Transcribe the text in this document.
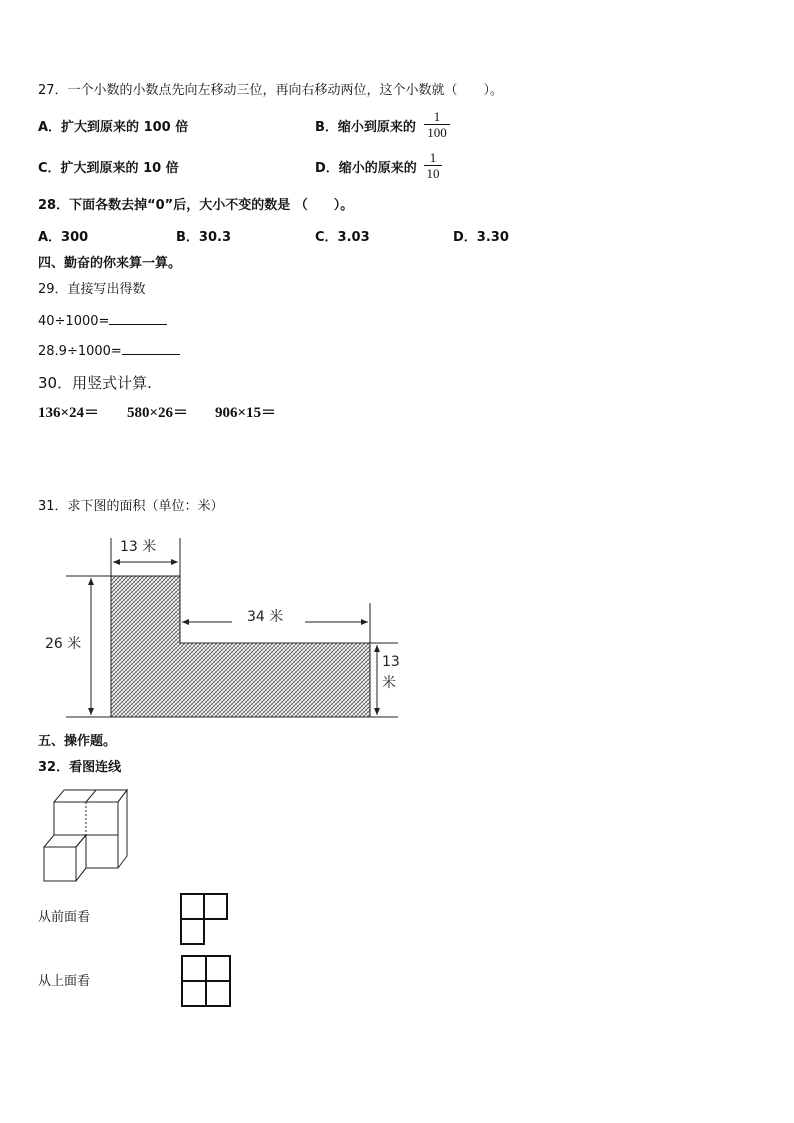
27．一个小数的小数点先向左移动三位，再向右移动两位，这个小数就（　　）。
A．扩大到原来的 100 倍	B．缩小到原来的
1
100
C．扩大到原来的 10 倍	D．缩小的原来的
1
10
28．下面各数去掉“0”后，大小不变的数是 （　　）。
A．300	B．30.3	C．3.03	D．3.30
四、勤奋的你来算一算。
29．直接写出得数
40÷1000=
28.9÷1000=
30．用竖式计算.
136×24＝ 580×26＝ 906×15＝
31．求下图的面积（单位：米）
13 米
34 米
26 米
13
米
五、操作题。
32．看图连线
从前面看
从上面看
